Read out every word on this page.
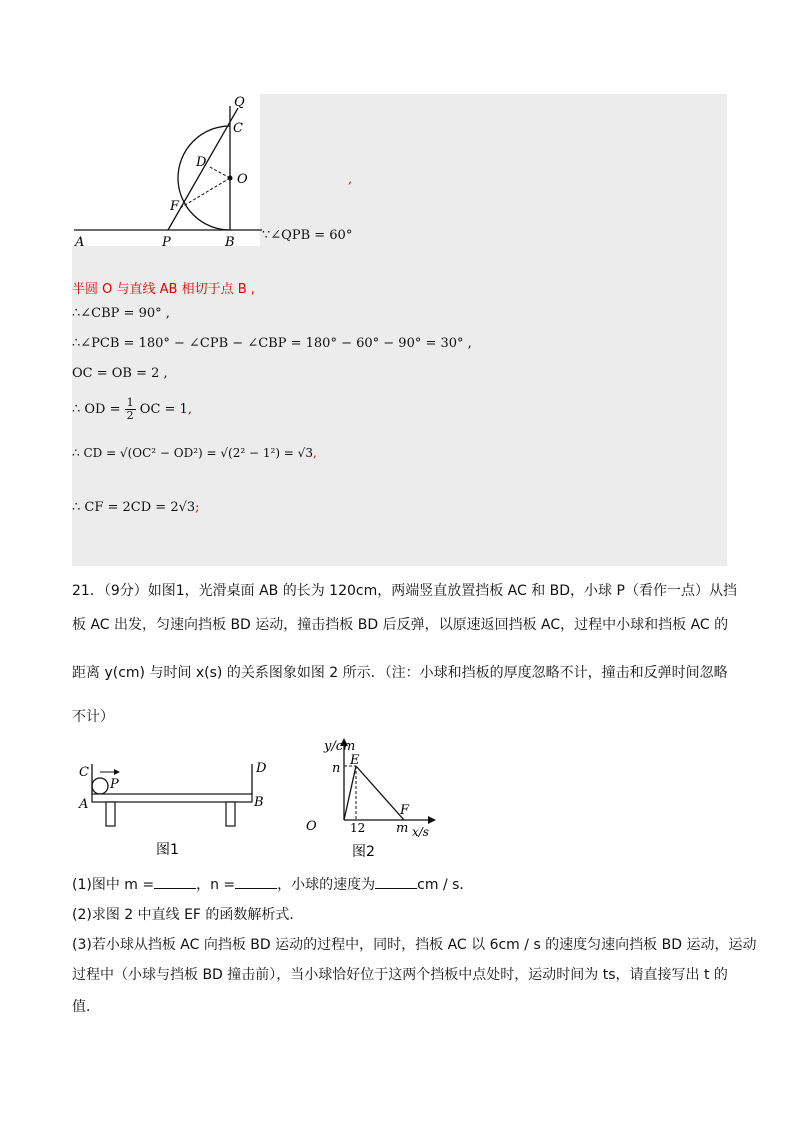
Q
C
D
O
F
A	P	B ∵∠QPB = 60°
,
半圆 O 与直线 AB 相切于点 B ,
∴∠CBP = 90° ,
∴∠PCB = 180° − ∠CPB − ∠CBP = 180° − 60° − 90° = 30° ,
OC = OB = 2 ,
∴ OD = $\frac{1}{2}$ OC = 1,
∴ CD = √(OC² − OD²) = √(2² − 1²) = √3,
∴ CF = 2CD = 2√3;
21．（9分）如图1，光滑桌面 AB 的长为 120cm，两端竖直放置挡板 AC 和 BD，小球 P（看作一点）从挡
板 AC 出发，匀速向挡板 BD 运动，撞击挡板 BD 后反弹，以原速返回挡板 AC，过程中小球和挡板 AC 的
距离 y(cm) 与时间 x(s) 的关系图象如图 2 所示．（注：小球和挡板的厚度忽略不计，撞击和反弹时间忽略
不计）
C
P
A
D
B
图1
y/cm
n
E
F
O	12 m x/s
图2
(1)图中 m =	，n =	，小球的速度为	cm / s．
(2)求图 2 中直线 EF 的函数解析式．
(3)若小球从挡板 AC 向挡板 BD 运动的过程中，同时，挡板 AC 以 6cm / s 的速度匀速向挡板 BD 运动，运动
过程中（小球与挡板 BD 撞击前），当小球恰好位于这两个挡板中点处时，运动时间为 ts，请直接写出 t 的
值．
